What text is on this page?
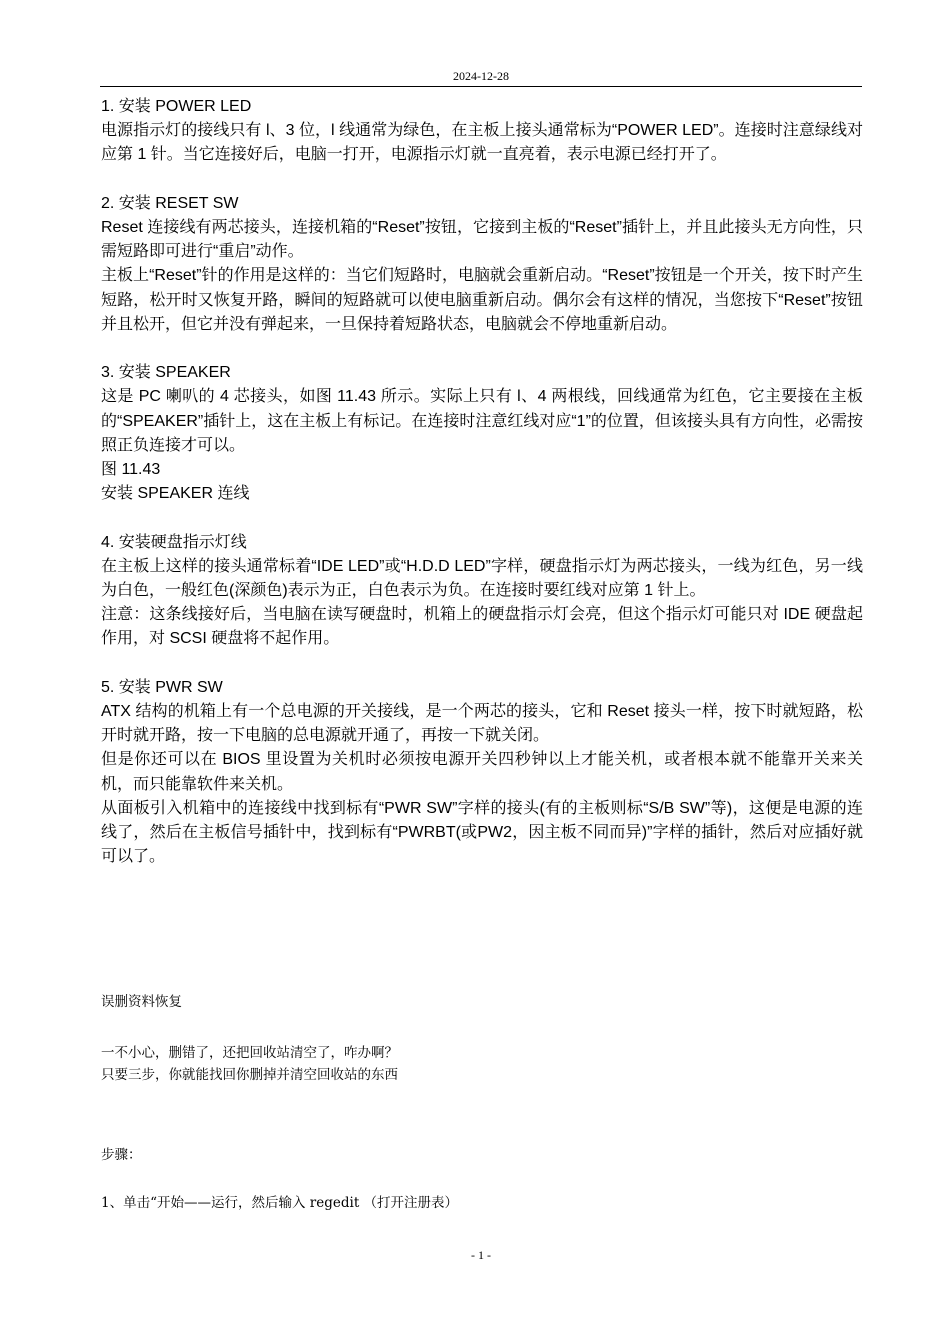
2024-12-28

1. 安装 POWER LED

电源指示灯的接线只有 l、3 位，l 线通常为绿色，在主板上接头通常标为“POWER LED”。连接时注意绿线对应第 1 针。当它连接好后，电脑一打开，电源指示灯就一直亮着，表示电源已经打开了。

2. 安装 RESET SW

Reset 连接线有两芯接头，连接机箱的“Reset”按钮，它接到主板的“Reset”插针上，并且此接头无方向性，只需短路即可进行“重启”动作。

主板上“Reset”针的作用是这样的：当它们短路时，电脑就会重新启动。“Reset”按钮是一个开关，按下时产生短路，松开时又恢复开路，瞬间的短路就可以使电脑重新启动。偶尔会有这样的情况，当您按下“Reset”按钮并且松开，但它并没有弹起来，一旦保持着短路状态，电脑就会不停地重新启动。

3. 安装 SPEAKER

这是 PC 喇叭的 4 芯接头，如图 11.43 所示。实际上只有 l、4 两根线，回线通常为红色，它主要接在主板的“SPEAKER”插针上，这在主板上有标记。在连接时注意红线对应“1”的位置，但该接头具有方向性，必需按照正负连接才可以。

图 11.43

安装 SPEAKER 连线

4. 安装硬盘指示灯线

在主板上这样的接头通常标着“IDE LED”或“H.D.D LED”字样，硬盘指示灯为两芯接头，一线为红色，另一线为白色，一般红色(深颜色)表示为正，白色表示为负。在连接时要红线对应第 1 针上。

注意：这条线接好后，当电脑在读写硬盘时，机箱上的硬盘指示灯会亮，但这个指示灯可能只对 IDE 硬盘起作用，对 SCSI 硬盘将不起作用。

5. 安装 PWR SW

ATX 结构的机箱上有一个总电源的开关接线，是一个两芯的接头，它和 Reset 接头一样，按下时就短路，松开时就开路，按一下电脑的总电源就开通了，再按一下就关闭。

但是你还可以在 BIOS 里设置为关机时必须按电源开关四秒钟以上才能关机，或者根本就不能靠开关来关机，而只能靠软件来关机。

从面板引入机箱中的连接线中找到标有“PWR SW”字样的接头(有的主板则标“S/B SW”等)，这便是电源的连线了，然后在主板信号插针中，找到标有“PWRBT(或PW2，因主板不同而异)”字样的插针，然后对应插好就可以了。

误删资料恢复

一不小心，删错了，还把回收站清空了，咋办啊？

只要三步，你就能找回你删掉并清空回收站的东西

步骤：

1、单击“开始——运行，然后输入 regedit （打开注册表）

- 1 -
